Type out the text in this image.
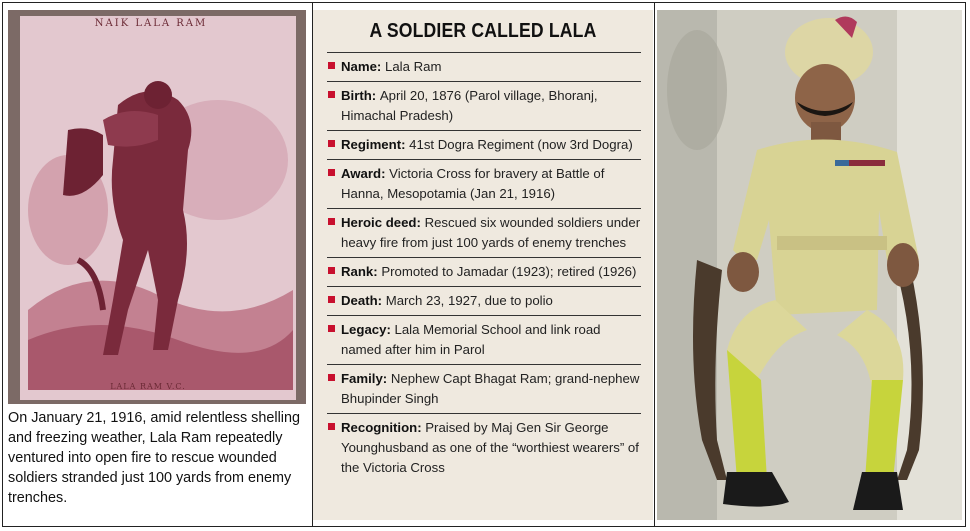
NAIK LALA RAM
LALA RAM V.C.
On January 21, 1916, amid relentless shelling and freezing weather, Lala Ram repeatedly ventured into open fire to rescue wounded soldiers stranded just 100 yards from enemy trenches.
A SOLDIER CALLED LALA
Name: Lala Ram
Birth: April 20, 1876 (Parol village, Bhoranj, Himachal Pradesh)
Regiment: 41st Dogra Regiment (now 3rd Dogra)
Award: Victoria Cross for bravery at Battle of Hanna, Mesopotamia (Jan 21, 1916)
Heroic deed: Rescued six wounded soldiers under heavy fire from just 100 yards of enemy trenches
Rank: Promoted to Jamadar (1923); retired (1926)
Death: March 23, 1927, due to polio
Legacy: Lala Memorial School and link road named after him in Parol
Family: Nephew Capt Bhagat Ram; grand-nephew Bhupinder Singh
Recognition: Praised by Maj Gen Sir George Younghusband as one of the “worthiest wearers” of the Victoria Cross
